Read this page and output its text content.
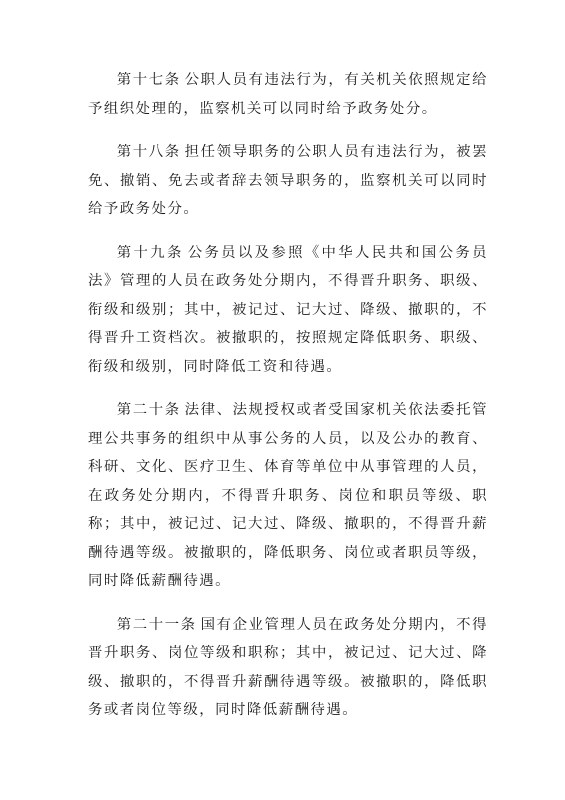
第十七条 公职人员有违法行为，有关机关依照规定给予组织处理的，监察机关可以同时给予政务处分。

第十八条 担任领导职务的公职人员有违法行为，被罢免、撤销、免去或者辞去领导职务的，监察机关可以同时给予政务处分。

第十九条 公务员以及参照《中华人民共和国公务员法》管理的人员在政务处分期内，不得晋升职务、职级、衔级和级别；其中，被记过、记大过、降级、撤职的，不得晋升工资档次。被撤职的，按照规定降低职务、职级、衔级和级别，同时降低工资和待遇。

第二十条 法律、法规授权或者受国家机关依法委托管理公共事务的组织中从事公务的人员，以及公办的教育、科研、文化、医疗卫生、体育等单位中从事管理的人员，在政务处分期内，不得晋升职务、岗位和职员等级、职称；其中，被记过、记大过、降级、撤职的，不得晋升薪酬待遇等级。被撤职的，降低职务、岗位或者职员等级，同时降低薪酬待遇。

第二十一条 国有企业管理人员在政务处分期内，不得晋升职务、岗位等级和职称；其中，被记过、记大过、降级、撤职的，不得晋升薪酬待遇等级。被撤职的，降低职务或者岗位等级，同时降低薪酬待遇。
